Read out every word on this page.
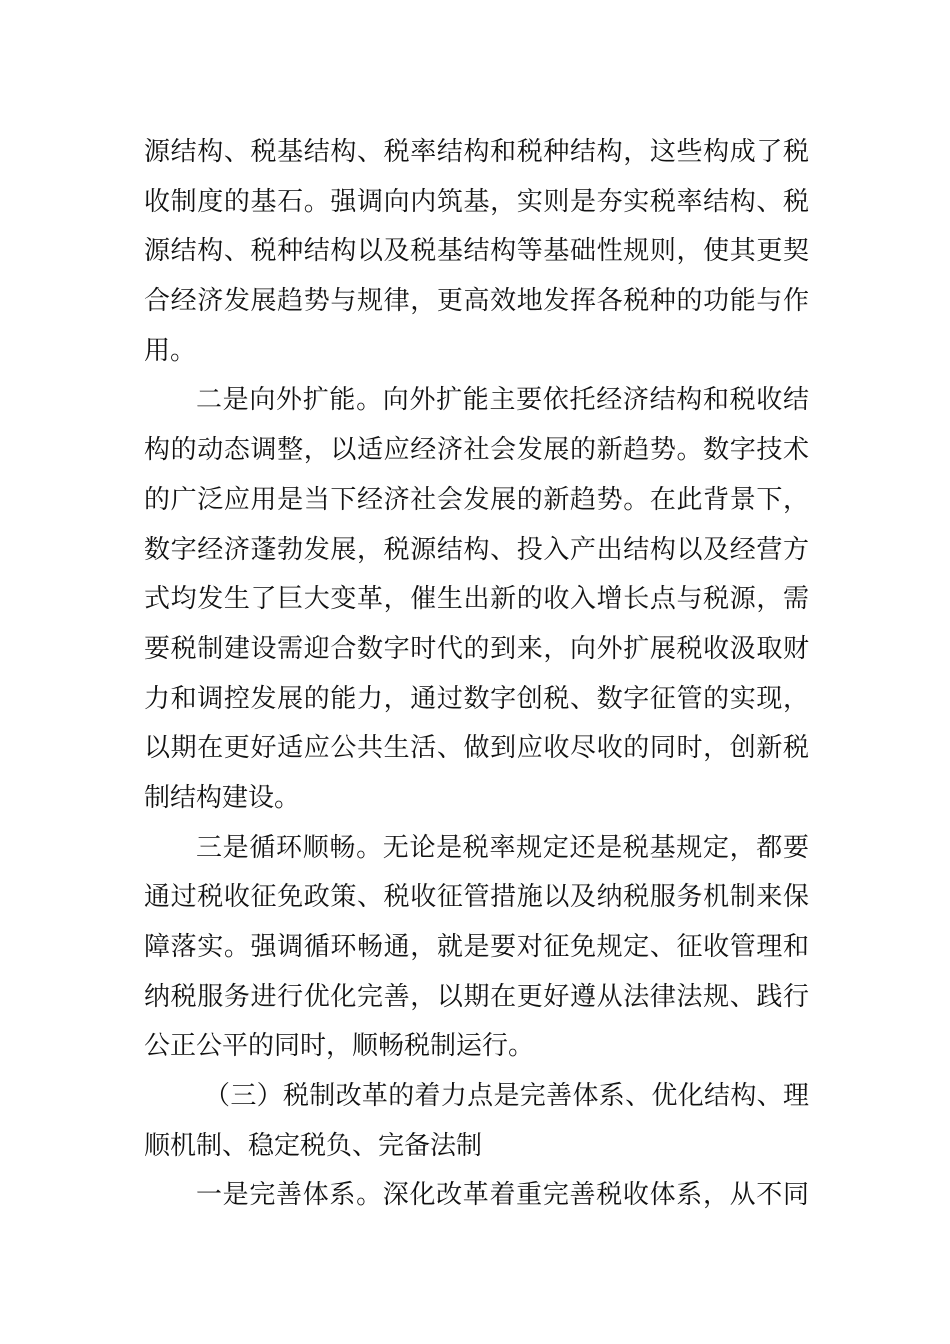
源结构、税基结构、税率结构和税种结构，这些构成了税
收制度的基石。强调向内筑基，实则是夯实税率结构、税
源结构、税种结构以及税基结构等基础性规则，使其更契
合经济发展趋势与规律，更高效地发挥各税种的功能与作
用。
二是向外扩能。向外扩能主要依托经济结构和税收结
构的动态调整，以适应经济社会发展的新趋势。数字技术
的广泛应用是当下经济社会发展的新趋势。在此背景下，
数字经济蓬勃发展，税源结构、投入产出结构以及经营方
式均发生了巨大变革，催生出新的收入增长点与税源，需
要税制建设需迎合数字时代的到来，向外扩展税收汲取财
力和调控发展的能力，通过数字创税、数字征管的实现，
以期在更好适应公共生活、做到应收尽收的同时，创新税
制结构建设。
三是循环顺畅。无论是税率规定还是税基规定，都要
通过税收征免政策、税收征管措施以及纳税服务机制来保
障落实。强调循环畅通，就是要对征免规定、征收管理和
纳税服务进行优化完善，以期在更好遵从法律法规、践行
公正公平的同时，顺畅税制运行。
（三）税制改革的着力点是完善体系、优化结构、理
顺机制、稳定税负、完备法制
一是完善体系。深化改革着重完善税收体系，从不同
